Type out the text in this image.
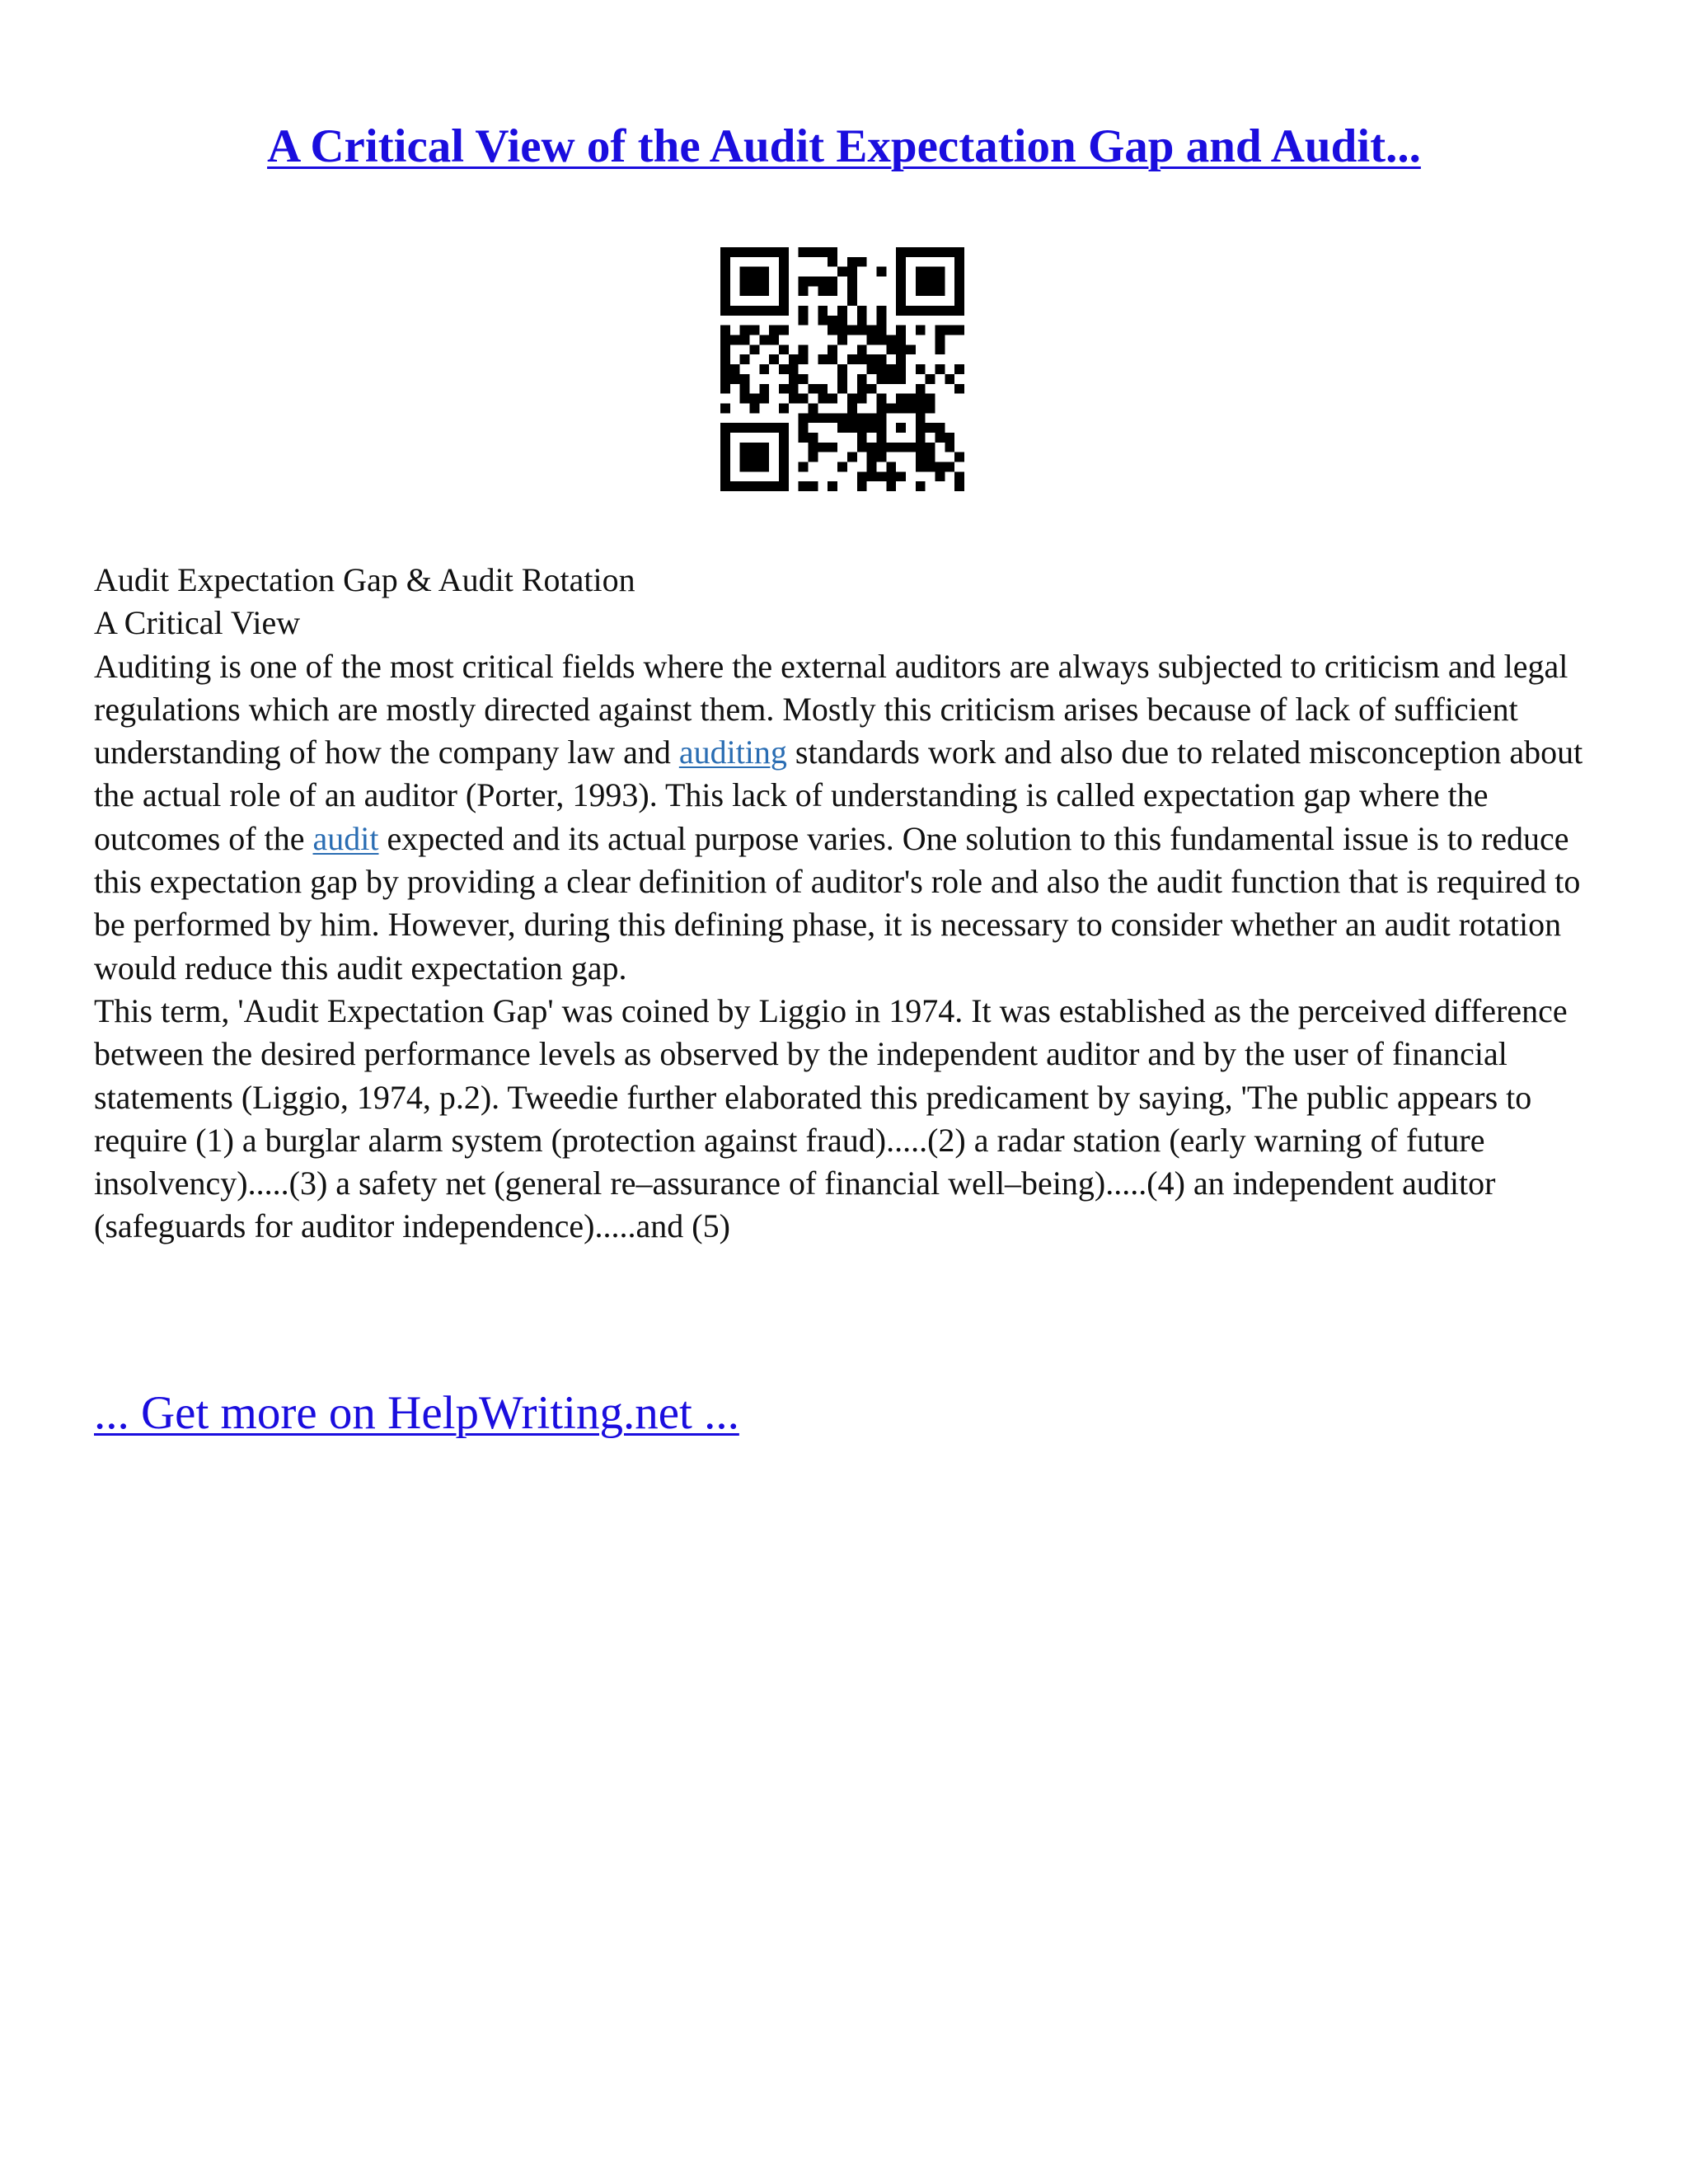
A Critical View of the Audit Expectation Gap and Audit...

Audit Expectation Gap & Audit Rotation

A Critical View

Auditing is one of the most critical fields where the external auditors are always subjected to criticism and legal regulations which are mostly directed against them. Mostly this criticism arises because of lack of sufficient understanding of how the company law and auditing standards work and also due to related misconception about the actual role of an auditor (Porter, 1993). This lack of understanding is called expectation gap where the outcomes of the audit expected and its actual purpose varies. One solution to this fundamental issue is to reduce this expectation gap by providing a clear definition of auditor's role and also the audit function that is required to be performed by him. However, during this defining phase, it is necessary to consider whether an audit rotation would reduce this audit expectation gap.

This term, 'Audit Expectation Gap' was coined by Liggio in 1974. It was established as the perceived difference between the desired performance levels as observed by the independent auditor and by the user of financial statements (Liggio, 1974, p.2). Tweedie further elaborated this predicament by saying, 'The public appears to require (1) a burglar alarm system (protection against fraud).....(2) a radar station (early warning of future insolvency).....(3) a safety net (general re–assurance of financial well–being).....(4) an independent auditor (safeguards for auditor independence).....and (5)

... Get more on HelpWriting.net ...
